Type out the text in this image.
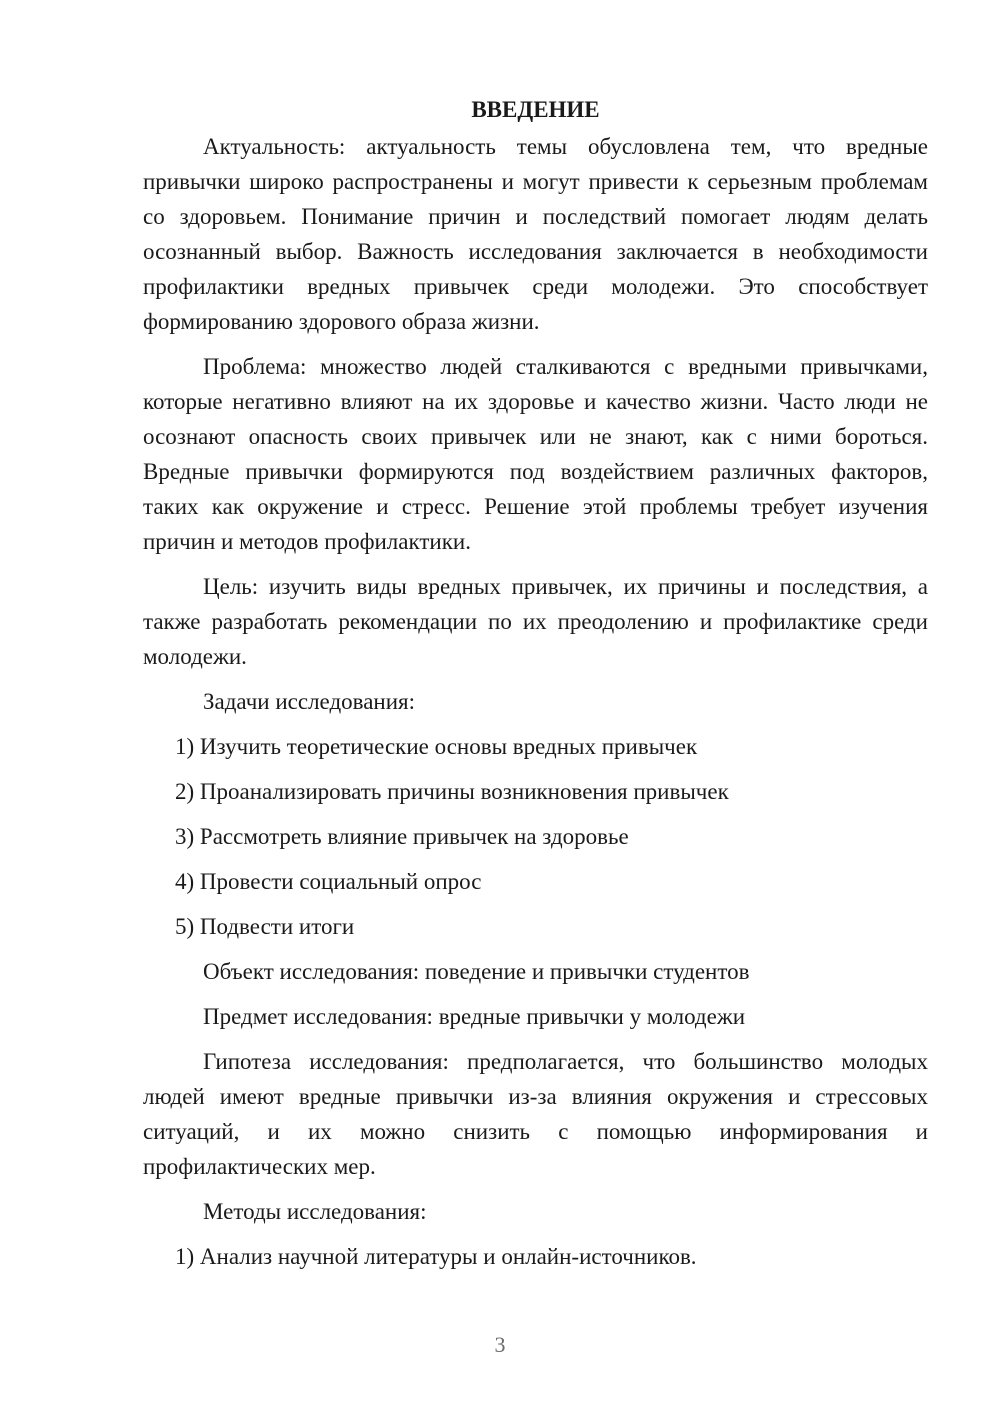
ВВЕДЕНИЕ

Актуальность: актуальность темы обусловлена тем, что вредные привычки широко распространены и могут привести к серьезным проблемам со здоровьем. Понимание причин и последствий помогает людям делать осознанный выбор. Важность исследования заключается в необходимости профилактики вредных привычек среди молодежи. Это способствует формированию здорового образа жизни.

Проблема: множество людей сталкиваются с вредными привычками, которые негативно влияют на их здоровье и качество жизни. Часто люди не осознают опасность своих привычек или не знают, как с ними бороться. Вредные привычки формируются под воздействием различных факторов, таких как окружение и стресс. Решение этой проблемы требует изучения причин и методов профилактики.

Цель: изучить виды вредных привычек, их причины и последствия, а также разработать рекомендации по их преодолению и профилактике среди молодежи.

Задачи исследования:

1) Изучить теоретические основы вредных привычек

2) Проанализировать причины возникновения привычек

3) Рассмотреть влияние привычек на здоровье

4) Провести социальный опрос

5) Подвести итоги

Объект исследования: поведение и привычки студентов

Предмет исследования: вредные привычки у молодежи

Гипотеза исследования: предполагается, что большинство молодых людей имеют вредные привычки из-за влияния окружения и стрессовых ситуаций, и их можно снизить с помощью информирования и профилактических мер.

Методы исследования:

1) Анализ научной литературы и онлайн-источников.

3
